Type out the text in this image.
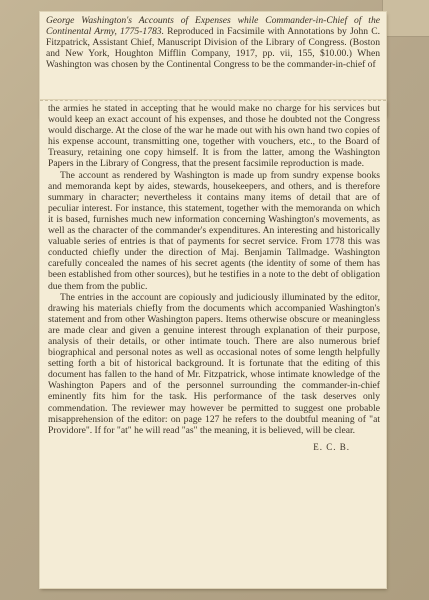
George Washington's Accounts of Expenses while Commander-in-Chief of the Continental Army, 1775-1783. Reproduced in Facsimile with Annotations by John C. Fitzpatrick, Assistant Chief, Manuscript Division of the Library of Congress. (Boston and New York, Houghton Mifflin Company, 1917, pp. vii, 155, $10.00.) When Washington was chosen by the Continental Congress to be the commander-in-chief of

the armies he stated in accepting that he would make no charge for his services but would keep an exact account of his expenses, and those he doubted not the Congress would discharge. At the close of the war he made out with his own hand two copies of his expense account, transmitting one, together with vouchers, etc., to the Board of Treasury, retaining one copy himself. It is from the latter, among the Washington Papers in the Library of Congress, that the present facsimile reproduction is made.

The account as rendered by Washington is made up from sundry expense books and memoranda kept by aides, stewards, housekeepers, and others, and is therefore summary in character; nevertheless it contains many items of detail that are of peculiar interest. For instance, this statement, together with the memoranda on which it is based, furnishes much new information concerning Washington's movements, as well as the character of the commander's expenditures. An interesting and historically valuable series of entries is that of payments for secret service. From 1778 this was conducted chiefly under the direction of Maj. Benjamin Tallmadge. Washington carefully concealed the names of his secret agents (the identity of some of them has been established from other sources), but he testifies in a note to the debt of obligation due them from the public.

The entries in the account are copiously and judiciously illuminated by the editor, drawing his materials chiefly from the documents which accompanied Washington's statement and from other Washington papers. Items otherwise obscure or meaningless are made clear and given a genuine interest through explanation of their purpose, analysis of their details, or other intimate touch. There are also numerous brief biographical and personal notes as well as occasional notes of some length helpfully setting forth a bit of historical background. It is fortunate that the editing of this document has fallen to the hand of Mr. Fitzpatrick, whose intimate knowledge of the Washington Papers and of the personnel surrounding the commander-in-chief eminently fits him for the task. His performance of the task deserves only commendation. The reviewer may however be permitted to suggest one probable misapprehension of the editor: on page 127 he refers to the doubtful meaning of "at Providore". If for "at" he will read "as" the meaning, it is believed, will be clear.

E. C. B.
